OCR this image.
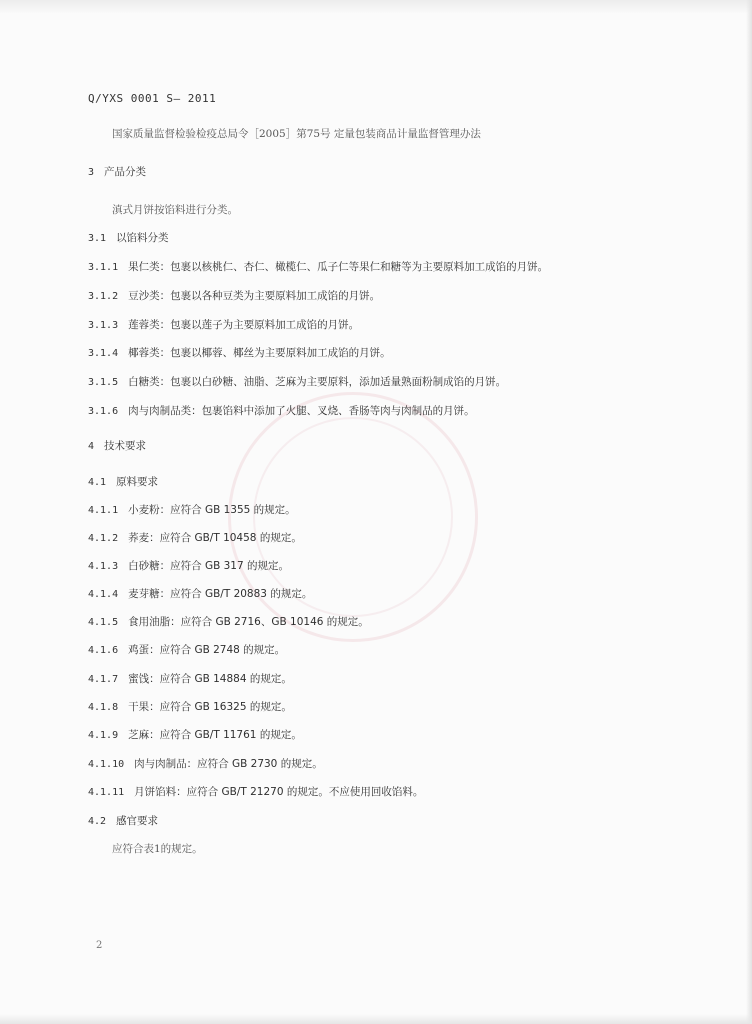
Q/YXS 0001 S— 2011
国家质量监督检验检疫总局令［2005］第75号 定量包装商品计量监督管理办法
3 产品分类
滇式月饼按馅料进行分类。
3.1 以馅料分类
3.1.1 果仁类：包裹以核桃仁、杏仁、橄榄仁、瓜子仁等果仁和糖等为主要原料加工成馅的月饼。
3.1.2 豆沙类：包裹以各种豆类为主要原料加工成馅的月饼。
3.1.3 莲蓉类：包裹以莲子为主要原料加工成馅的月饼。
3.1.4 椰蓉类：包裹以椰蓉、椰丝为主要原料加工成馅的月饼。
3.1.5 白糖类：包裹以白砂糖、油脂、芝麻为主要原料，添加适量熟面粉制成馅的月饼。
3.1.6 肉与肉制品类：包裹馅料中添加了火腿、叉烧、香肠等肉与肉制品的月饼。
4 技术要求
4.1 原料要求
4.1.1 小麦粉：应符合 GB 1355 的规定。
4.1.2 荞麦：应符合 GB/T 10458 的规定。
4.1.3 白砂糖：应符合 GB 317 的规定。
4.1.4 麦芽糖：应符合 GB/T 20883 的规定。
4.1.5 食用油脂：应符合 GB 2716、GB 10146 的规定。
4.1.6 鸡蛋：应符合 GB 2748 的规定。
4.1.7 蜜饯：应符合 GB 14884 的规定。
4.1.8 干果：应符合 GB 16325 的规定。
4.1.9 芝麻：应符合 GB/T 11761 的规定。
4.1.10 肉与肉制品：应符合 GB 2730 的规定。
4.1.11 月饼馅料：应符合 GB/T 21270 的规定。不应使用回收馅料。
4.2 感官要求
应符合表1的规定。
2
